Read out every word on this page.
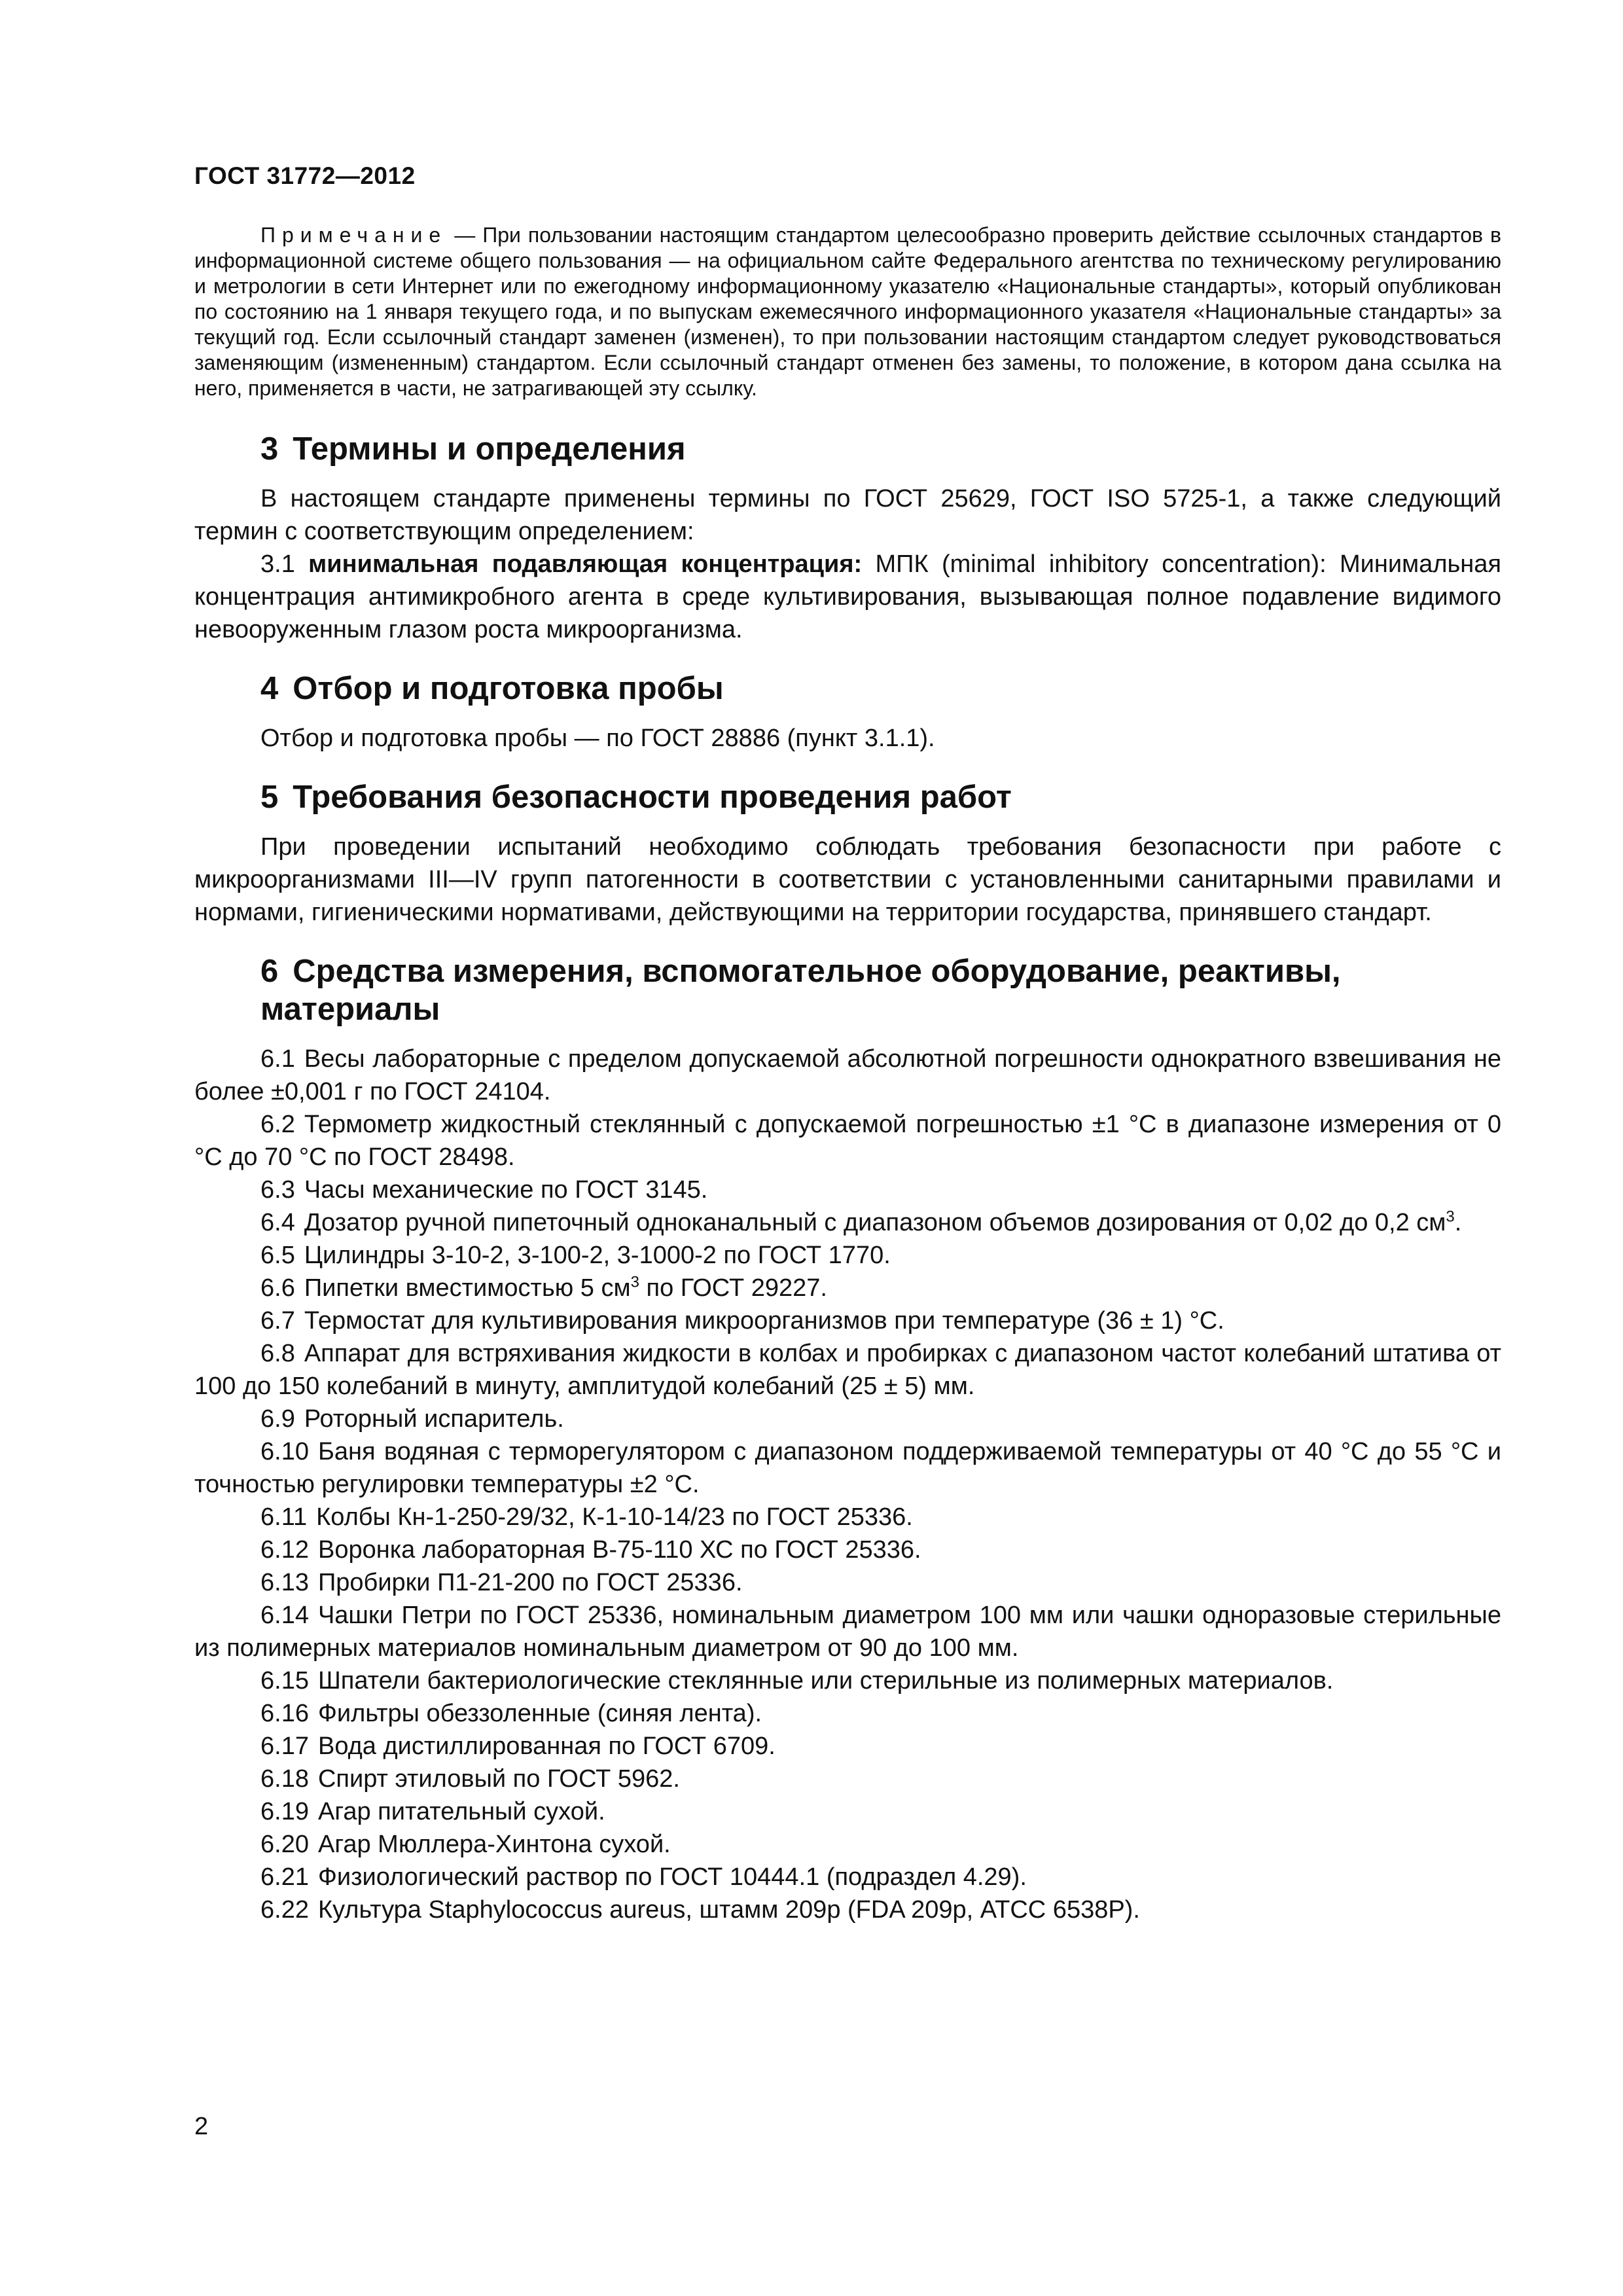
ГОСТ 31772—2012

Примечание — При пользовании настоящим стандартом целесообразно проверить действие ссылочных стандартов в информационной системе общего пользования — на официальном сайте Федерального агентства по техническому регулированию и метрологии в сети Интернет или по ежегодному информационному указателю «Национальные стандарты», который опубликован по состоянию на 1 января текущего года, и по выпускам ежемесячного информационного указателя «Национальные стандарты» за текущий год. Если ссылочный стандарт заменен (изменен), то при пользовании настоящим стандартом следует руководствоваться заменяющим (измененным) стандартом. Если ссылочный стандарт отменен без замены, то положение, в котором дана ссылка на него, применяется в части, не затрагивающей эту ссылку.

3 Термины и определения

В настоящем стандарте применены термины по ГОСТ 25629, ГОСТ ISO 5725-1, а также следующий термин с соответствующим определением:

3.1 минимальная подавляющая концентрация: МПК (minimal inhibitory concentration): Минимальная концентрация антимикробного агента в среде культивирования, вызывающая полное подавление видимого невооруженным глазом роста микроорганизма.

4 Отбор и подготовка пробы

Отбор и подготовка пробы — по ГОСТ 28886 (пункт 3.1.1).

5 Требования безопасности проведения работ

При проведении испытаний необходимо соблюдать требования безопасности при работе с микроорганизмами III—IV групп патогенности в соответствии с установленными санитарными правилами и нормами, гигиеническими нормативами, действующими на территории государства, принявшего стандарт.

6 Средства измерения, вспомогательное оборудование, реактивы, материалы

6.1 Весы лабораторные с пределом допускаемой абсолютной погрешности однократного взвешивания не более ±0,001 г по ГОСТ 24104.

6.2 Термометр жидкостный стеклянный с допускаемой погрешностью ±1 °С в диапазоне измерения от 0 °С до 70 °С по ГОСТ 28498.

6.3 Часы механические по ГОСТ 3145.

6.4 Дозатор ручной пипеточный одноканальный с диапазоном объемов дозирования от 0,02 до 0,2 $см^3$.

6.5 Цилиндры 3-10-2, 3-100-2, 3-1000-2 по ГОСТ 1770.

6.6 Пипетки вместимостью 5 $см^3$ по ГОСТ 29227.

6.7 Термостат для культивирования микроорганизмов при температуре (36 ± 1) °С.

6.8 Аппарат для встряхивания жидкости в колбах и пробирках с диапазоном частот колебаний штатива от 100 до 150 колебаний в минуту, амплитудой колебаний (25 ± 5) мм.

6.9 Роторный испаритель.

6.10 Баня водяная с терморегулятором с диапазоном поддерживаемой температуры от 40 °С до 55 °С и точностью регулировки температуры ±2 °С.

6.11 Колбы Кн-1-250-29/32, К-1-10-14/23 по ГОСТ 25336.

6.12 Воронка лабораторная В-75-110 ХС по ГОСТ 25336.

6.13 Пробирки П1-21-200 по ГОСТ 25336.

6.14 Чашки Петри по ГОСТ 25336, номинальным диаметром 100 мм или чашки одноразовые стерильные из полимерных материалов номинальным диаметром от 90 до 100 мм.

6.15 Шпатели бактериологические стеклянные или стерильные из полимерных материалов.

6.16 Фильтры обеззоленные (синяя лента).

6.17 Вода дистиллированная по ГОСТ 6709.

6.18 Спирт этиловый по ГОСТ 5962.

6.19 Агар питательный сухой.

6.20 Агар Мюллера-Хинтона сухой.

6.21 Физиологический раствор по ГОСТ 10444.1 (подраздел 4.29).

6.22 Культура Staphylococcus aureus, штамм 209р (FDA 209р, АТСС 6538Р).

2
